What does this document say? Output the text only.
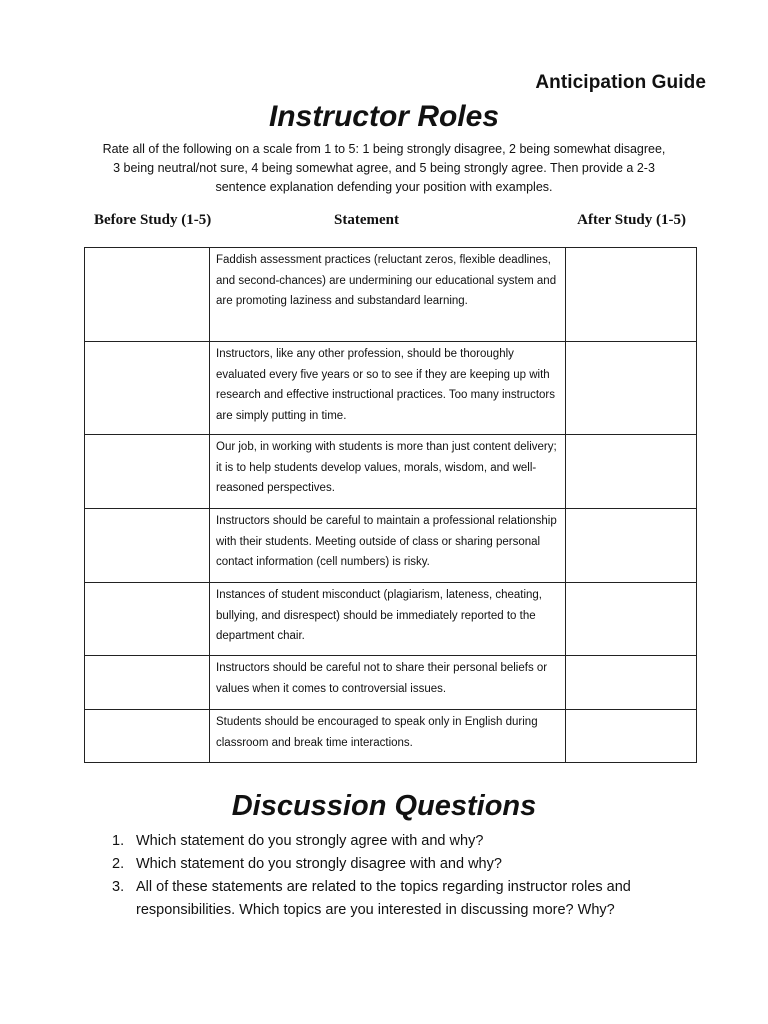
Anticipation Guide
Instructor Roles
Rate all of the following on a scale from 1 to 5: 1 being strongly disagree, 2 being somewhat disagree, 3 being neutral/not sure, 4 being somewhat agree, and 5 being strongly agree. Then provide a 2-3 sentence explanation defending your position with examples.
Before Study (1-5)	Statement	After Study (1-5)
	Faddish assessment practices (reluctant zeros, flexible deadlines, and second-chances) are undermining our educational system and are promoting laziness and substandard learning.	
	Instructors, like any other profession, should be thoroughly evaluated every five years or so to see if they are keeping up with research and effective instructional practices. Too many instructors are simply putting in time.	
	Our job, in working with students is more than just content delivery; it is to help students develop values, morals, wisdom, and well-reasoned perspectives.	
	Instructors should be careful to maintain a professional relationship with their students. Meeting outside of class or sharing personal contact information (cell numbers) is risky.	
	Instances of student misconduct (plagiarism, lateness, cheating, bullying, and disrespect) should be immediately reported to the department chair.	
	Instructors should be careful not to share their personal beliefs or values when it comes to controversial issues.	
	Students should be encouraged to speak only in English during classroom and break time interactions.	
Discussion Questions
1. Which statement do you strongly agree with and why?
2. Which statement do you strongly disagree with and why?
3. All of these statements are related to the topics regarding instructor roles and responsibilities. Which topics are you interested in discussing more? Why?
